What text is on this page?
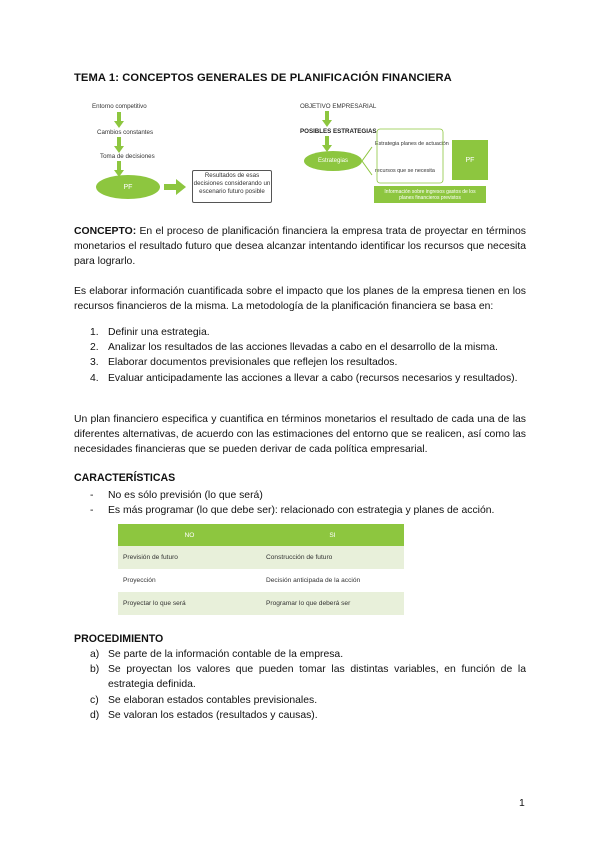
TEMA 1: CONCEPTOS GENERALES DE PLANIFICACIÓN FINANCIERA
Entorno competitivo
Cambios constantes
Toma de decisiones
PF
Resultados de esas decisiones considerando un escenario futuro posible
OBJETIVO EMPRESARIAL
POSIBLES ESTRATEGIAS
Estrategias
Estrategia planes de actuación
recursos que se necesita
PF
Información sobre ingresos gastos de los planes financieros previstos
CONCEPTO: En el proceso de planificación financiera la empresa trata de proyectar en términos monetarios el resultado futuro que desea alcanzar intentando identificar los recursos que necesita para lograrlo.
Es elaborar información cuantificada sobre el impacto que los planes de la empresa tienen en los recursos financieros de la misma. La metodología de la planificación financiera se basa en:
1. Definir una estrategia.
2. Analizar los resultados de las acciones llevadas a cabo en el desarrollo de la misma.
3. Elaborar documentos previsionales que reflejen los resultados.
4. Evaluar anticipadamente las acciones a llevar a cabo (recursos necesarios y resultados).
Un plan financiero especifica y cuantifica en términos monetarios el resultado de cada una de las diferentes alternativas, de acuerdo con las estimaciones del entorno que se realicen, así como las necesidades financieras que se pueden derivar de cada política empresarial.
CARACTERÍSTICAS
- No es sólo previsión (lo que será)
- Es más programar (lo que debe ser): relacionado con estrategia y planes de acción.
NO	SI
Previsión de futuro	Construcción de futuro
Proyección	Decisión anticipada de la acción
Proyectar lo que será	Programar lo que deberá ser
PROCEDIMIENTO
a) Se parte de la información contable de la empresa.
b) Se proyectan los valores que pueden tomar las distintas variables, en función de la estrategia definida.
c) Se elaboran estados contables previsionales.
d) Se valoran los estados (resultados y causas).
1
